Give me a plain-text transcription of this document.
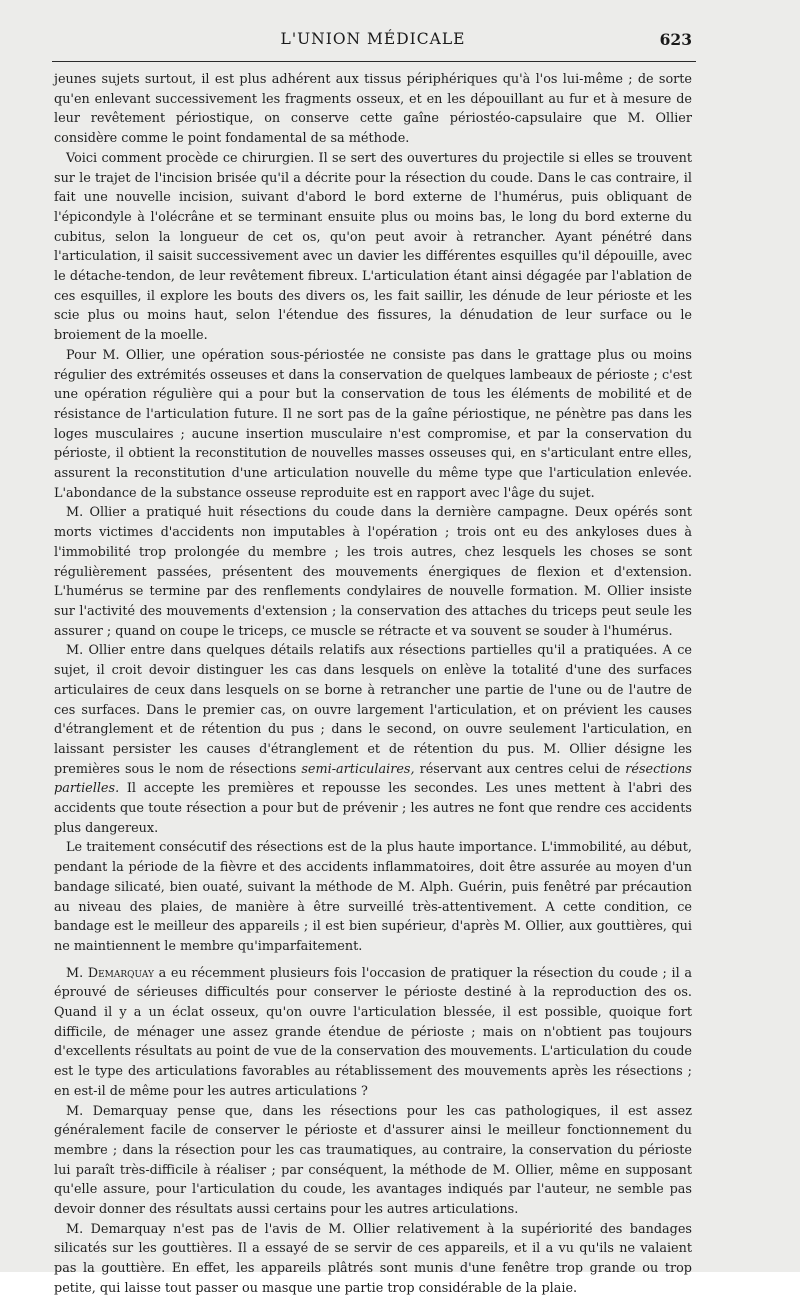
L'UNION MÉDICALE	623

jeunes sujets surtout, il est plus adhérent aux tissus périphériques qu'à l'os lui-même ; de sorte qu'en enlevant successivement les fragments osseux, et en les dépouillant au fur et à mesure de leur revêtement périostique, on conserve cette gaîne périostéo-capsulaire que M. Ollier considère comme le point fondamental de sa méthode.

Voici comment procède ce chirurgien. Il se sert des ouvertures du projectile si elles se trouvent sur le trajet de l'incision brisée qu'il a décrite pour la résection du coude. Dans le cas contraire, il fait une nouvelle incision, suivant d'abord le bord externe de l'humérus, puis obliquant de l'épicondyle à l'olécrâne et se terminant ensuite plus ou moins bas, le long du bord externe du cubitus, selon la longueur de cet os, qu'on peut avoir à retrancher. Ayant pénétré dans l'articulation, il saisit successivement avec un davier les différentes esquilles qu'il dépouille, avec le détache-tendon, de leur revêtement fibreux. L'articulation étant ainsi dégagée par l'ablation de ces esquilles, il explore les bouts des divers os, les fait saillir, les dénude de leur périoste et les scie plus ou moins haut, selon l'étendue des fissures, la dénudation de leur surface ou le broiement de la moelle.

Pour M. Ollier, une opération sous-périostée ne consiste pas dans le grattage plus ou moins régulier des extrémités osseuses et dans la conservation de quelques lambeaux de périoste ; c'est une opération régulière qui a pour but la conservation de tous les éléments de mobilité et de résistance de l'articulation future. Il ne sort pas de la gaîne périostique, ne pénètre pas dans les loges musculaires ; aucune insertion musculaire n'est compromise, et par la conservation du périoste, il obtient la reconstitution de nouvelles masses osseuses qui, en s'articulant entre elles, assurent la reconstitution d'une articulation nouvelle du même type que l'articulation enlevée. L'abondance de la substance osseuse reproduite est en rapport avec l'âge du sujet.

M. Ollier a pratiqué huit résections du coude dans la dernière campagne. Deux opérés sont morts victimes d'accidents non imputables à l'opération ; trois ont eu des ankyloses dues à l'immobilité trop prolongée du membre ; les trois autres, chez lesquels les choses se sont régulièrement passées, présentent des mouvements énergiques de flexion et d'extension. L'humérus se termine par des renflements condylaires de nouvelle formation. M. Ollier insiste sur l'activité des mouvements d'extension ; la conservation des attaches du triceps peut seule les assurer ; quand on coupe le triceps, ce muscle se rétracte et va souvent se souder à l'humérus.

M. Ollier entre dans quelques détails relatifs aux résections partielles qu'il a pratiquées. A ce sujet, il croit devoir distinguer les cas dans lesquels on enlève la totalité d'une des surfaces articulaires de ceux dans lesquels on se borne à retrancher une partie de l'une ou de l'autre de ces surfaces. Dans le premier cas, on ouvre largement l'articulation, et on prévient les causes d'étranglement et de rétention du pus ; dans le second, on ouvre seulement l'articulation, en laissant persister les causes d'étranglement et de rétention du pus. M. Ollier désigne les premières sous le nom de résections semi-articulaires, réservant aux centres celui de résections partielles. Il accepte les premières et repousse les secondes. Les unes mettent à l'abri des accidents que toute résection a pour but de prévenir ; les autres ne font que rendre ces accidents plus dangereux.

Le traitement consécutif des résections est de la plus haute importance. L'immobilité, au début, pendant la période de la fièvre et des accidents inflammatoires, doit être assurée au moyen d'un bandage silicaté, bien ouaté, suivant la méthode de M. Alph. Guérin, puis fenêtré par précaution au niveau des plaies, de manière à être surveillé très-attentivement. A cette condition, ce bandage est le meilleur des appareils ; il est bien supérieur, d'après M. Ollier, aux gouttières, qui ne maintiennent le membre qu'imparfaitement.

M. Demarquay a eu récemment plusieurs fois l'occasion de pratiquer la résection du coude ; il a éprouvé de sérieuses difficultés pour conserver le périoste destiné à la reproduction des os. Quand il y a un éclat osseux, qu'on ouvre l'articulation blessée, il est possible, quoique fort difficile, de ménager une assez grande étendue de périoste ; mais on n'obtient pas toujours d'excellents résultats au point de vue de la conservation des mouvements. L'articulation du coude est le type des articulations favorables au rétablissement des mouvements après les résections ; en est-il de même pour les autres articulations ?

M. Demarquay pense que, dans les résections pour les cas pathologiques, il est assez généralement facile de conserver le périoste et d'assurer ainsi le meilleur fonctionnement du membre ; dans la résection pour les cas traumatiques, au contraire, la conservation du périoste lui paraît très-difficile à réaliser ; par conséquent, la méthode de M. Ollier, même en supposant qu'elle assure, pour l'articulation du coude, les avantages indiqués par l'auteur, ne semble pas devoir donner des résultats aussi certains pour les autres articulations.

M. Demarquay n'est pas de l'avis de M. Ollier relativement à la supériorité des bandages silicatés sur les gouttières. Il a essayé de se servir de ces appareils, et il a vu qu'ils ne valaient pas la gouttière. En effet, les appareils plâtrés sont munis d'une fenêtre trop grande ou trop petite, qui laisse tout passer ou masque une partie trop considérable de la plaie.
